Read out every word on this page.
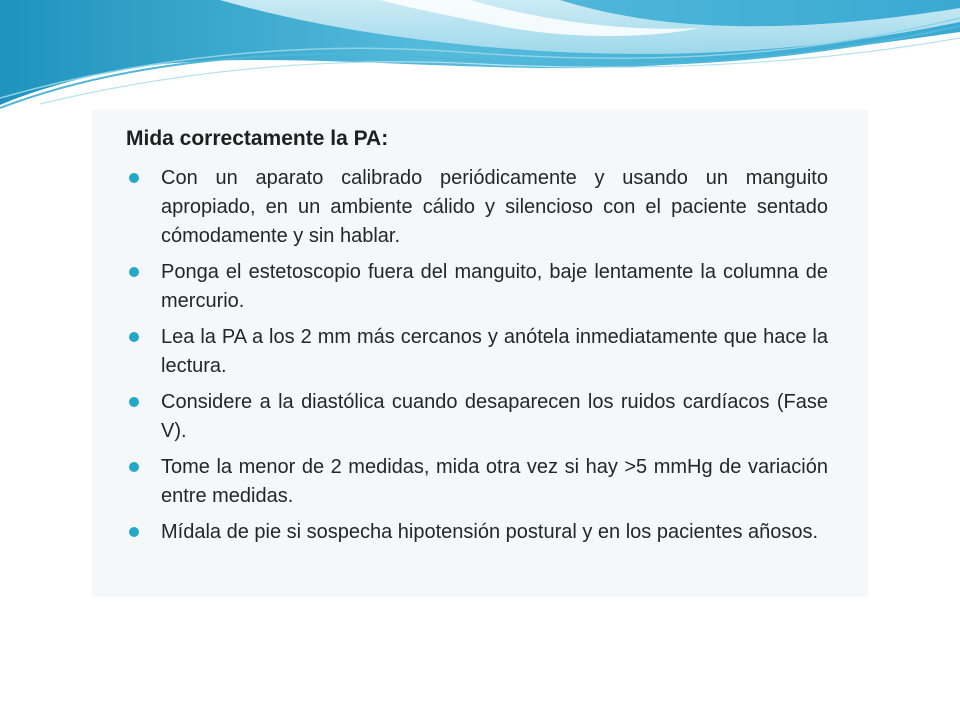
Mida correctamente la PA:
Con un aparato calibrado periódicamente y usando un manguito apropiado, en un ambiente cálido y silencioso con el paciente sentado cómodamente y sin hablar.
Ponga el estetoscopio fuera del manguito, baje lentamente la columna de mercurio.
Lea la PA a los 2 mm más cercanos y anótela inmediatamente que hace la lectura.
Considere a la diastólica cuando desaparecen los ruidos cardíacos (Fase V).
Tome la menor de 2 medidas, mida otra vez si hay >5 mmHg de variación entre medidas.
Mídala de pie si sospecha hipotensión postural y en los pacientes añosos.
